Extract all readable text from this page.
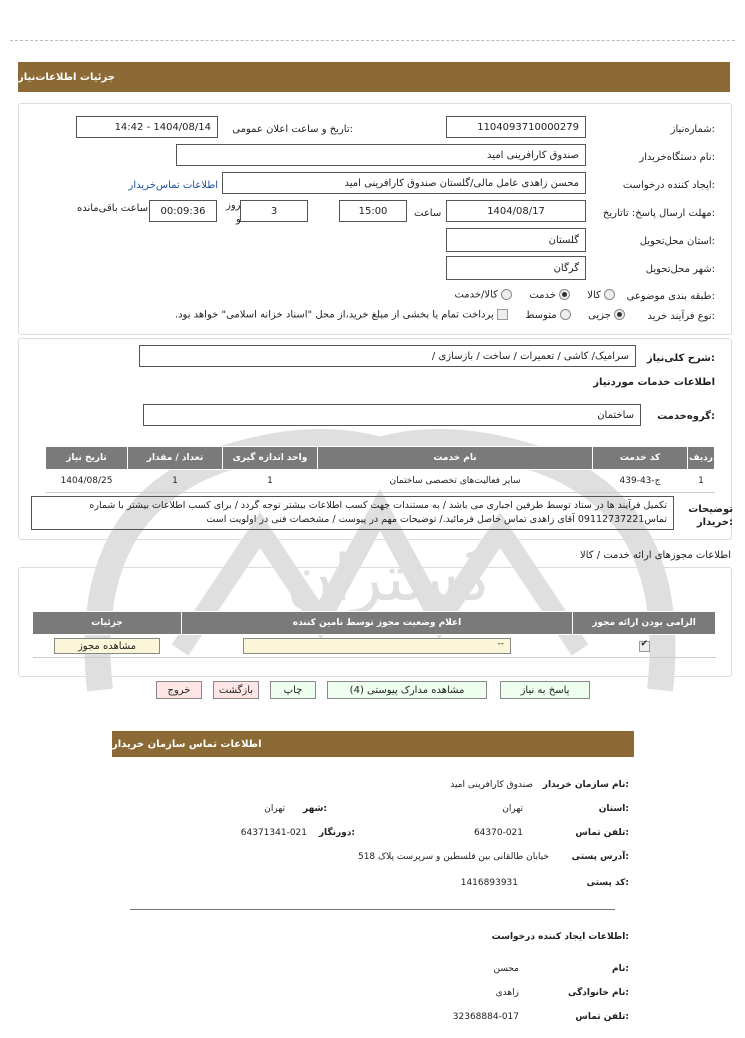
گستران
جزئیات اطلاعات‌نیاز
شماره‌نیاز:
1104093710000279
تاریخ و ساعت اعلان عمومی:
1404/08/14 - 14:42
نام دستگاه‌خریدار:
صندوق کارافرینی امید
ایجاد کننده درخواست:
محسن زاهدی عامل مالی/گلستان صندوق کارافرینی امید
اطلاعات تماس‌خریدار
مهلت ارسال پاسخ: تاتاریخ:
1404/08/17
ساعت
15:00
3
روز
و
00:09:36
ساعت باقی‌مانده
استان محل‌تحویل:
گلستان
شهر محل‌تحویل:
گرگان
طبقه بندی موضوعی:
کالا  خدمت  کالا/خدمت
نوع فرآیند خرید:
جزیی  متوسط  پرداخت تمام یا بخشی از مبلغ خرید،از محل "اسناد خزانه اسلامی" خواهد بود.
شرح کلی‌نیاز:
سرامیک/ کاشی / تعمیرات / ساخت / بازسازی /
اطلاعات خدمات موردنیاز
گروه‌خدمت:
ساختمان
ردیف	کد خدمت	نام خدمت	واحد اندازه گیری	تعداد / مقدار	تاریخ نیاز
1	ج-43-439	سایر فعالیت‌های تخصصی ساختمان	1	1	1404/08/25
توضیحات خریدار:
تکمیل فرآیند ها در ستاد توسط طرفین اجباری می باشد / به مستندات جهت کسب اطلاعات بیشتر توجه گردد / برای کسب اطلاعات بیشتر با شماره تماس09112737221 آقای زاهدی تماس حاصل فرمائید./ توضیحات مهم در پیوست / مشخصات فنی در اولویت است
اطلاعات مجوزهای ارائه خدمت / کالا
الزامی بودن ارائه مجوز	اعلام وضعیت مجوز توسط نامین کننده	جزئیات

✔	--	مشاهده مجوز
پاسخ به نیاز
مشاهده مدارک پیوستی (4)
چاپ
بازگشت
خروج
اطلاعات تماس سازمان خریدار
نام سازمان خریدار:
صندوق کارافرینی امید
استان:
تهران
شهر:
تهران
تلفن تماس:
64370-021
دورنگار:
64371341-021
آدرس پستی:
خیابان طالقانی بین فلسطین و سرپرست پلاک 518
کد پستی:
1416893931
اطلاعات ایجاد کننده درخواست:
نام:
محسن
نام خانوادگی:
زاهدی
تلفن تماس:
32368884-017
